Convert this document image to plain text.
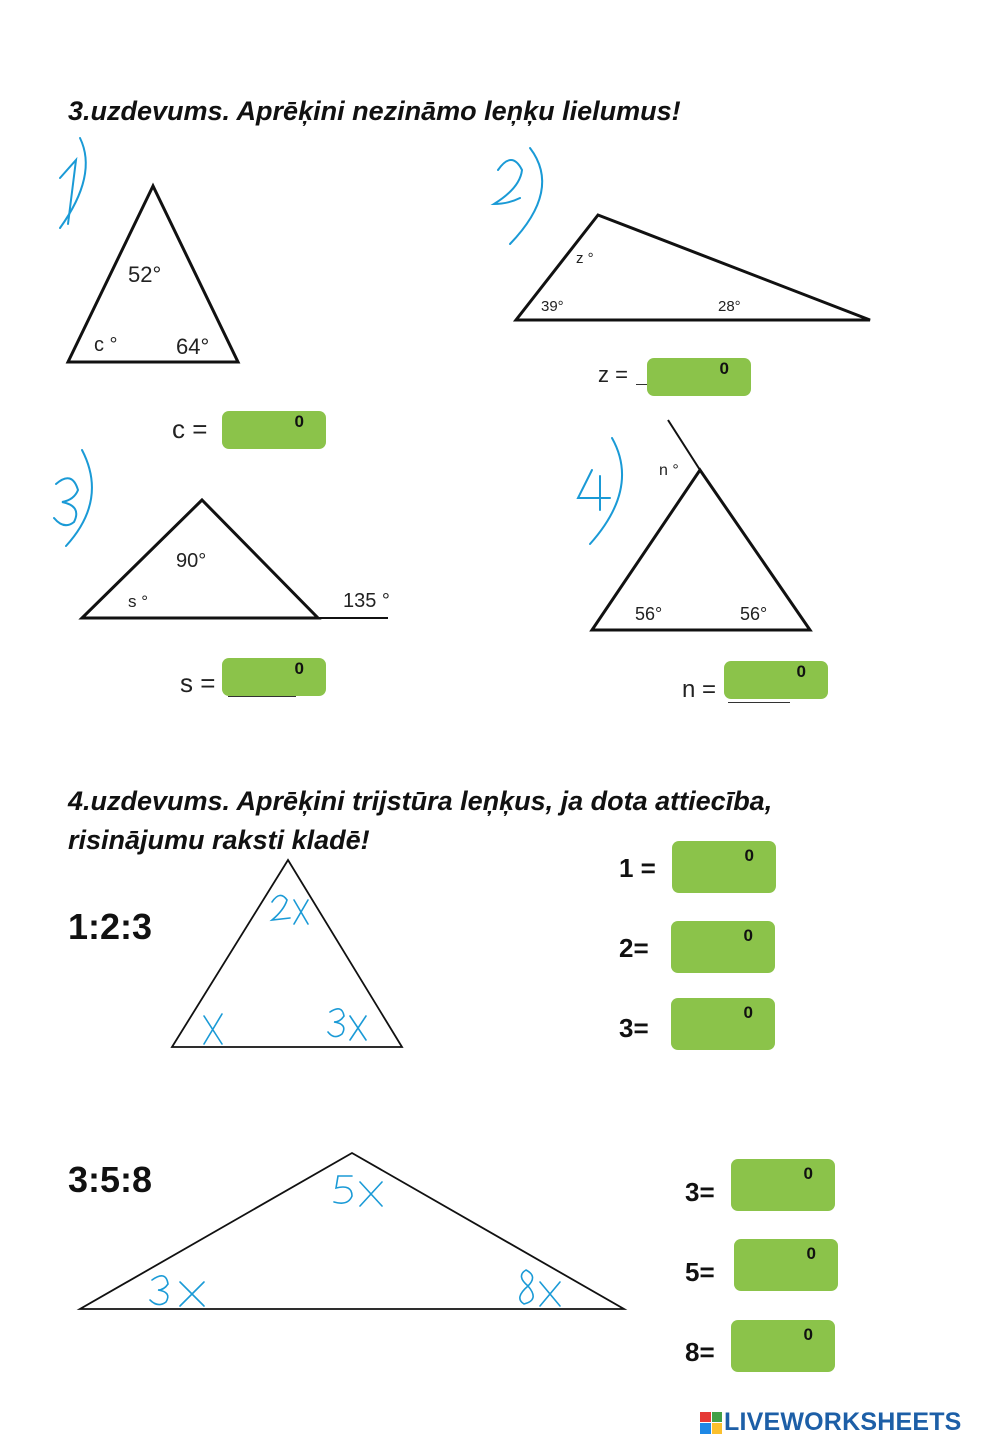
3.uzdevums. Aprēķini nezināmo leņķu lielumus!
52°
c °	64°
z °
39°	28°
90°
s °	135 °
n °
56°	56°
c =	0
z =	0
s =	0
n =
0
4.uzdevums. Aprēķini trijstūra leņķus, ja dota attiecība,
risinājumu raksti kladē!
1:2:3
1 =	0
2=	0
3=
0
3:5:8	3=
0
5=
0
8=
0
LIVEWORKSHEETS
